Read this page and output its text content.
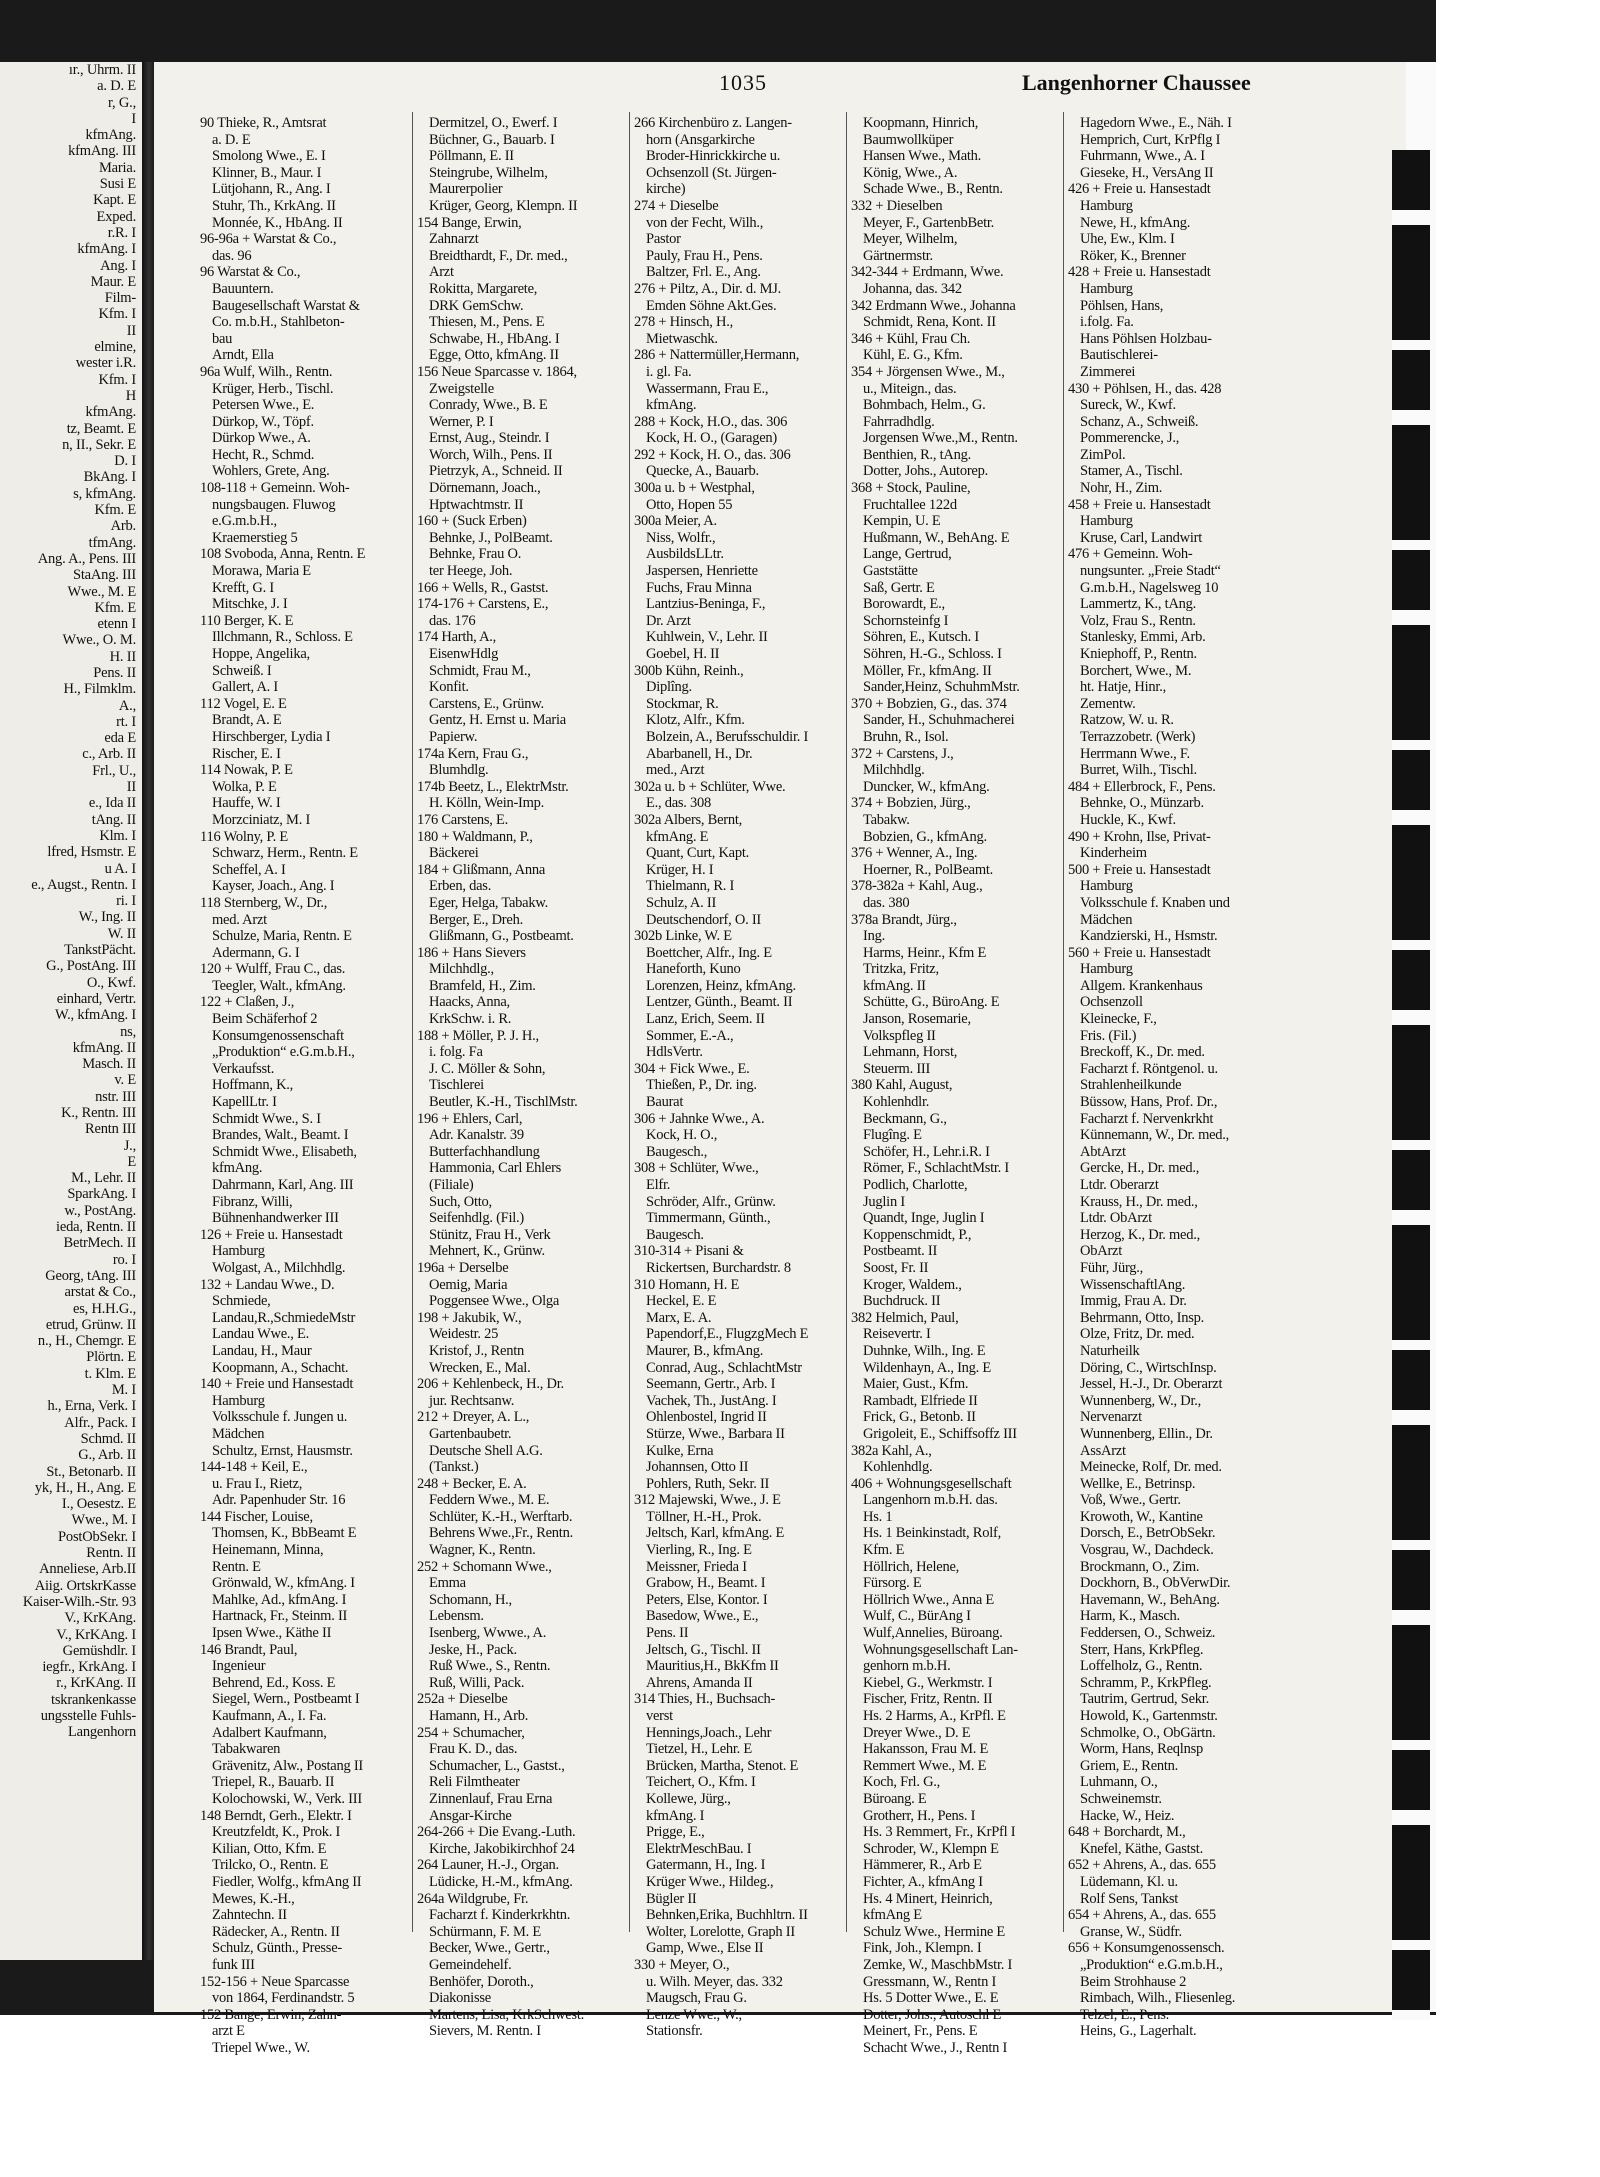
ır., Uhrm. II
a. D. E
r, G.,
I
kfmAng.
kfmAng. III
Maria.
Susi E
Kapt. E
Exped.
r.R. I
kfmAng. I
Ang. I
Maur. E
Film-
Kfm. I
II
elmine,
wester i.R.
Kfm. I
H
kfmAng.
tz, Beamt. E
n, II., Sekr. E
D. I
BkAng. I
s, kfmAng.
Kfm. E
Arb.
tfmAng.
Ang. A., Pens. III
StaAng. III
Wwe., M. E
Kfm. E
etenn I
Wwe., O. M.
H. II
Pens. II
H., Filmklm.
A.,
rt. I
eda E
c., Arb. II
Frl., U.,
II
e., Ida II
tAng. II
Klm. I
lfred, Hsmstr. E
u A. I
e., Augst., Rentn. I
ri. I
W., Ing. II
W. II
TankstPächt.
G., PostAng. III
O., Kwf.
einhard, Vertr.
W., kfmAng. I
ns,
kfmAng. II
Masch. II
v. E
nstr. III
K., Rentn. III
Rentn III
J.,
E
M., Lehr. II
SparkAng. I
w., PostAng.
ieda, Rentn. II
BetrMech. II
ro. I
Georg, tAng. III
arstat & Co.,
es, H.H.G.,
etrud, Grünw. II
n., H., Chemgr. E
Plörtn. E
t. Klm. E
M. I
h., Erna, Verk. I
Alfr., Pack. I
Schmd. II
G., Arb. II
St., Betonarb. II
yk, H., H., Ang. E
I., Oesestz. E
Wwe., M. I
PostObSekr. I
Rentn. II
Anneliese, Arb.II
Aiig. OrtskrKasse
Kaiser-Wilh.-Str. 93
V., KrKAng.
V., KrKAng. I
Gemüshdlr. I
iegfr., KrkAng. I
r., KrKAng. II
tskrankenkasse
ungsstelle Fuhls-
Langenhorn
1035	Langenhorner Chaussee
90 Thieke, R., Amtsrat
a. D. E
Smolong Wwe., E. I
Klinner, B., Maur. I
Lütjohann, R., Ang. I
Stuhr, Th., KrkAng. II
Monnée, K., HbAng. II
96-96a + Warstat & Co.,
das. 96
96 Warstat & Co.,
Bauuntern.
Baugesellschaft Warstat &
Co. m.b.H., Stahlbeton-
bau
Arndt, Ella
96a Wulf, Wilh., Rentn.
Krüger, Herb., Tischl.
Petersen Wwe., E.
Dürkop, W., Töpf.
Dürkop Wwe., A.
Hecht, R., Schmd.
Wohlers, Grete, Ang.
108-118 + Gemeinn. Woh-
nungsbaugen. Fluwog
e.G.m.b.H.,
Kraemerstieg 5
108 Svoboda, Anna, Rentn. E
Morawa, Maria E
Krefft, G. I
Mitschke, J. I
110 Berger, K. E
Illchmann, R., Schloss. E
Hoppe, Angelika,
Schweiß. I
Gallert, A. I
112 Vogel, E. E
Brandt, A. E
Hirschberger, Lydia I
Rischer, E. I
114 Nowak, P. E
Wolka, P. E
Hauffe, W. I
Morzciniatz, M. I
116 Wolny, P. E
Schwarz, Herm., Rentn. E
Scheffel, A. I
Kayser, Joach., Ang. I
118 Sternberg, W., Dr.,
med. Arzt
Schulze, Maria, Rentn. E
Adermann, G. I
120 + Wulff, Frau C., das.
Teegler, Walt., kfmAng.
122 + Claßen, J.,
Beim Schäferhof 2
Konsumgenossenschaft
„Produktion“ e.G.m.b.H.,
Verkaufsst.
Hoffmann, K.,
KapellLtr. I
Schmidt Wwe., S. I
Brandes, Walt., Beamt. I
Schmidt Wwe., Elisabeth,
kfmAng.
Dahrmann, Karl, Ang. III
Fibranz, Willi,
Bühnenhandwerker III
126 + Freie u. Hansestadt
Hamburg
Wolgast, A., Milchhdlg.
132 + Landau Wwe., D.
Schmiede,
Landau,R.,SchmiedeMstr
Landau Wwe., E.
Landau, H., Maur
Koopmann, A., Schacht.
140 + Freie und Hansestadt
Hamburg
Volksschule f. Jungen u.
Mädchen
Schultz, Ernst, Hausmstr.
144-148 + Keil, E.,
u. Frau I., Rietz,
Adr. Papenhuder Str. 16
144 Fischer, Louise,
Thomsen, K., BbBeamt E
Heinemann, Minna,
Rentn. E
Grönwald, W., kfmAng. I
Mahlke, Ad., kfmAng. I
Hartnack, Fr., Steinm. II
Ipsen Wwe., Käthe II
146 Brandt, Paul,
Ingenieur
Behrend, Ed., Koss. E
Siegel, Wern., Postbeamt I
Kaufmann, A., I. Fa.
Adalbert Kaufmann,
Tabakwaren
Grävenitz, Alw., Postang II
Triepel, R., Bauarb. II
Kolochowski, W., Verk. III
148 Berndt, Gerh., Elektr. I
Kreutzfeldt, K., Prok. I
Kilian, Otto, Kfm. E
Trilcko, O., Rentn. E
Fiedler, Wolfg., kfmAng II
Mewes, K.-H.,
Zahntechn. II
Rädecker, A., Rentn. II
Schulz, Günth., Presse-
funk III
152-156 + Neue Sparcasse
von 1864, Ferdinandstr. 5
152 Bange, Erwin, Zahn-
arzt E
Triepel Wwe., W.
Dermitzel, O., Ewerf. I
Büchner, G., Bauarb. I
Pöllmann, E. II
Steingrube, Wilhelm,
Maurerpolier
Krüger, Georg, Klempn. II
154 Bange, Erwin,
Zahnarzt
Breidthardt, F., Dr. med.,
Arzt
Rokitta, Margarete,
DRK GemSchw.
Thiesen, M., Pens. E
Schwabe, H., HbAng. I
Egge, Otto, kfmAng. II
156 Neue Sparcasse v. 1864,
Zweigstelle
Conrady, Wwe., B. E
Werner, P. I
Ernst, Aug., Steindr. I
Worch, Wilh., Pens. II
Pietrzyk, A., Schneid. II
Dörnemann, Joach.,
Hptwachtmstr. II
160 + (Suck Erben)
Behnke, J., PolBeamt.
Behnke, Frau O.
ter Heege, Joh.
166 + Wells, R., Gastst.
174-176 + Carstens, E.,
das. 176
174 Harth, A.,
EisenwHdlg
Schmidt, Frau M.,
Konfit.
Carstens, E., Grünw.
Gentz, H. Ernst u. Maria
Papierw.
174a Kern, Frau G.,
Blumhdlg.
174b Beetz, L., ElektrMstr.
H. Kölln, Wein-Imp.
176 Carstens, E.
180 + Waldmann, P.,
Bäckerei
184 + Glißmann, Anna
Erben, das.
Eger, Helga, Tabakw.
Berger, E., Dreh.
Glißmann, G., Postbeamt.
186 + Hans Sievers
Milchhdlg.,
Bramfeld, H., Zim.
Haacks, Anna,
KrkSchw. i. R.
188 + Möller, P. J. H.,
i. folg. Fa
J. C. Möller & Sohn,
Tischlerei
Beutler, K.-H., TischlMstr.
196 + Ehlers, Carl,
Adr. Kanalstr. 39
Butterfachhandlung
Hammonia, Carl Ehlers
(Filiale)
Such, Otto,
Seifenhdlg. (Fil.)
Stünitz, Frau H., Verk
Mehnert, K., Grünw.
196a + Derselbe
Oemig, Maria
Poggensee Wwe., Olga
198 + Jakubik, W.,
Weidestr. 25
Kristof, J., Rentn
Wrecken, E., Mal.
206 + Kehlenbeck, H., Dr.
jur. Rechtsanw.
212 + Dreyer, A. L.,
Gartenbaubetr.
Deutsche Shell A.G.
(Tankst.)
248 + Becker, E. A.
Feddern Wwe., M. E.
Schlüter, K.-H., Werftarb.
Behrens Wwe.,Fr., Rentn.
Wagner, K., Rentn.
252 + Schomann Wwe.,
Emma
Schomann, H.,
Lebensm.
Isenberg, Wwwe., A.
Jeske, H., Pack.
Ruß Wwe., S., Rentn.
Ruß, Willi, Pack.
252a + Dieselbe
Hamann, H., Arb.
254 + Schumacher,
Frau K. D., das.
Schumacher, L., Gastst.,
Reli Filmtheater
Zinnenlauf, Frau Erna
Ansgar-Kirche
264-266 + Die Evang.-Luth.
Kirche, Jakobikirchhof 24
264 Launer, H.-J., Organ.
Lüdicke, H.-M., kfmAng.
264a Wildgrube, Fr.
Facharzt f. Kinderkrkhtn.
Schürmann, F. M. E
Becker, Wwe., Gertr.,
Gemeindehelf.
Benhöfer, Doroth.,
Diakonisse
Martens, Lisa, KrkSchwest.
Sievers, M. Rentn. I
266 Kirchenbüro z. Langen-
horn (Ansgarkirche
Broder-Hinrickkirche u.
Ochsenzoll (St. Jürgen-
kirche)
274 + Dieselbe
von der Fecht, Wilh.,
Pastor
Pauly, Frau H., Pens.
Baltzer, Frl. E., Ang.
276 + Piltz, A., Dir. d. MJ.
Emden Söhne Akt.Ges.
278 + Hinsch, H.,
Mietwaschk.
286 + Nattermüller,Hermann,
i. gl. Fa.
Wassermann, Frau E.,
kfmAng.
288 + Kock, H.O., das. 306
Kock, H. O., (Garagen)
292 + Kock, H. O., das. 306
Quecke, A., Bauarb.
300a u. b + Westphal,
Otto, Hopen 55
300a Meier, A.
Niss, Wolfr.,
AusbildsLLtr.
Jaspersen, Henriette
Fuchs, Frau Minna
Lantzius-Beninga, F.,
Dr. Arzt
Kuhlwein, V., Lehr. II
Goebel, H. II
300b Kühn, Reinh.,
Diplîng.
Stockmar, R.
Klotz, Alfr., Kfm.
Bolzein, A., Berufsschuldir. I
Abarbanell, H., Dr.
med., Arzt
302a u. b + Schlüter, Wwe.
E., das. 308
302a Albers, Bernt,
kfmAng. E
Quant, Curt, Kapt.
Krüger, H. I
Thielmann, R. I
Schulz, A. II
Deutschendorf, O. II
302b Linke, W. E
Boettcher, Alfr., Ing. E
Haneforth, Kuno
Lorenzen, Heinz, kfmAng.
Lentzer, Günth., Beamt. II
Lanz, Erich, Seem. II
Sommer, E.-A.,
HdlsVertr.
304 + Fick Wwe., E.
Thießen, P., Dr. ing.
Baurat
306 + Jahnke Wwe., A.
Kock, H. O.,
Baugesch.,
308 + Schlüter, Wwe.,
Elfr.
Schröder, Alfr., Grünw.
Timmermann, Günth.,
Baugesch.
310-314 + Pisani &
Rickertsen, Burchardstr. 8
310 Homann, H. E
Heckel, E. E
Marx, E. A.
Papendorf,E., FlugzgMech E
Maurer, B., kfmAng.
Conrad, Aug., SchlachtMstr
Seemann, Gertr., Arb. I
Vachek, Th., JustAng. I
Ohlenbostel, Ingrid II
Stürze, Wwe., Barbara II
Kulke, Erna
Johannsen, Otto II
Pohlers, Ruth, Sekr. II
312 Majewski, Wwe., J. E
Töllner, H.-H., Prok.
Jeltsch, Karl, kfmAng. E
Vierling, R., Ing. E
Meissner, Frieda I
Grabow, H., Beamt. I
Peters, Else, Kontor. I
Basedow, Wwe., E.,
Pens. II
Jeltsch, G., Tischl. II
Mauritius,H., BkKfm II
Ahrens, Amanda II
314 Thies, H., Buchsach-
verst
Hennings,Joach., Lehr
Tietzel, H., Lehr. E
Brücken, Martha, Stenot. E
Teichert, O., Kfm. I
Kollewe, Jürg.,
kfmAng. I
Prigge, E.,
ElektrMeschBau. I
Gatermann, H., Ing. I
Krüger Wwe., Hildeg.,
Bügler II
Behnken,Erika, Buchhltrn. II
Wolter, Lorelotte, Graph II
Gamp, Wwe., Else II
330 + Meyer, O.,
u. Wilh. Meyer, das. 332
Maugsch, Frau G.
Lenze Wwe., W.,
Stationsfr.
Koopmann, Hinrich,
Baumwollküper
Hansen Wwe., Math.
König, Wwe., A.
Schade Wwe., B., Rentn.
332 + Dieselben
Meyer, F., GartenbBetr.
Meyer, Wilhelm,
Gärtnermstr.
342-344 + Erdmann, Wwe.
Johanna, das. 342
342 Erdmann Wwe., Johanna
Schmidt, Rena, Kont. II
346 + Kühl, Frau Ch.
Kühl, E. G., Kfm.
354 + Jörgensen Wwe., M.,
u., Miteign., das.
Bohmbach, Helm., G.
Fahrradhdlg.
Jorgensen Wwe.,M., Rentn.
Benthien, R., tAng.
Dotter, Johs., Autorep.
368 + Stock, Pauline,
Fruchtallee 122d
Kempin, U. E
Hußmann, W., BehAng. E
Lange, Gertrud,
Gaststätte
Saß, Gertr. E
Borowardt, E.,
Schornsteinfg I
Söhren, E., Kutsch. I
Söhren, H.-G., Schloss. I
Möller, Fr., kfmAng. II
Sander,Heinz, SchuhmMstr.
370 + Bobzien, G., das. 374
Sander, H., Schuhmacherei
Bruhn, R., Isol.
372 + Carstens, J.,
Milchhdlg.
Duncker, W., kfmAng.
374 + Bobzien, Jürg.,
Tabakw.
Bobzien, G., kfmAng.
376 + Wenner, A., Ing.
Hoerner, R., PolBeamt.
378-382a + Kahl, Aug.,
das. 380
378a Brandt, Jürg.,
Ing.
Harms, Heinr., Kfm E
Tritzka, Fritz,
kfmAng. II
Schütte, G., BüroAng. E
Janson, Rosemarie,
Volkspfleg II
Lehmann, Horst,
Steuerm. III
380 Kahl, August,
Kohlenhdlr.
Beckmann, G.,
Flugîng. E
Schöfer, H., Lehr.i.R. I
Römer, F., SchlachtMstr. I
Podlich, Charlotte,
Juglin I
Quandt, Inge, Juglin I
Koppenschmidt, P.,
Postbeamt. II
Soost, Fr. II
Kroger, Waldem.,
Buchdruck. II
382 Helmich, Paul,
Reisevertr. I
Duhnke, Wilh., Ing. E
Wildenhayn, A., Ing. E
Maier, Gust., Kfm.
Rambadt, Elfriede II
Frick, G., Betonb. II
Grigoleit, E., Schiffsoffz III
382a Kahl, A.,
Kohlenhdlg.
406 + Wohnungsgesellschaft
Langenhorn m.b.H. das.
Hs. 1
Hs. 1 Beinkinstadt, Rolf,
Kfm. E
Höllrich, Helene,
Fürsorg. E
Höllrich Wwe., Anna E
Wulf, C., BürAng I
Wulf,Annelies, Büroang.
Wohnungsgesellschaft Lan-
genhorn m.b.H.
Kiebel, G., Werkmstr. I
Fischer, Fritz, Rentn. II
Hs. 2 Harms, A., KrPfl. E
Dreyer Wwe., D. E
Hakansson, Frau M. E
Remmert Wwe., M. E
Koch, Frl. G.,
Büroang. E
Grotherr, H., Pens. I
Hs. 3 Remmert, Fr., KrPfl I
Schroder, W., Klempn E
Hämmerer, R., Arb E
Fichter, A., kfmAng I
Hs. 4 Minert, Heinrich,
kfmAng E
Schulz Wwe., Hermine E
Fink, Joh., Klempn. I
Zemke, W., MaschbMstr. I
Gressmann, W., Rentn I
Hs. 5 Dotter Wwe., E. E
Dotter, Johs., Autoschl E
Meinert, Fr., Pens. E
Schacht Wwe., J., Rentn I
Hagedorn Wwe., E., Näh. I
Hemprich, Curt, KrPflg I
Fuhrmann, Wwe., A. I
Gieseke, H., VersAng II
426 + Freie u. Hansestadt
Hamburg
Newe, H., kfmAng.
Uhe, Ew., Klm. I
Röker, K., Brenner
428 + Freie u. Hansestadt
Hamburg
Pöhlsen, Hans,
i.folg. Fa.
Hans Pöhlsen Holzbau-
Bautischlerei-
Zimmerei
430 + Pöhlsen, H., das. 428
Sureck, W., Kwf.
Schanz, A., Schweiß.
Pommerencke, J.,
ZimPol.
Stamer, A., Tischl.
Nohr, H., Zim.
458 + Freie u. Hansestadt
Hamburg
Kruse, Carl, Landwirt
476 + Gemeinn. Woh-
nungsunter. „Freie Stadt“
G.m.b.H., Nagelsweg 10
Lammertz, K., tAng.
Volz, Frau S., Rentn.
Stanlesky, Emmi, Arb.
Kniephoff, P., Rentn.
Borchert, Wwe., M.
ht. Hatje, Hinr.,
Zementw.
Ratzow, W. u. R.
Terrazzobetr. (Werk)
Herrmann Wwe., F.
Burret, Wilh., Tischl.
484 + Ellerbrock, F., Pens.
Behnke, O., Münzarb.
Huckle, K., Kwf.
490 + Krohn, Ilse, Privat-
Kinderheim
500 + Freie u. Hansestadt
Hamburg
Volksschule f. Knaben und
Mädchen
Kandzierski, H., Hsmstr.
560 + Freie u. Hansestadt
Hamburg
Allgem. Krankenhaus
Ochsenzoll
Kleinecke, F.,
Fris. (Fil.)
Breckoff, K., Dr. med.
Facharzt f. Röntgenol. u.
Strahlenheilkunde
Büssow, Hans, Prof. Dr.,
Facharzt f. Nervenkrkht
Künnemann, W., Dr. med.,
AbtArzt
Gercke, H., Dr. med.,
Ltdr. Oberarzt
Krauss, H., Dr. med.,
Ltdr. ObArzt
Herzog, K., Dr. med.,
ObArzt
Führ, Jürg.,
WissenschaftlAng.
Immig, Frau A. Dr.
Behrmann, Otto, Insp.
Olze, Fritz, Dr. med.
Naturheilk
Döring, C., WirtschInsp.
Jessel, H.-J., Dr. Oberarzt
Wunnenberg, W., Dr.,
Nervenarzt
Wunnenberg, Ellin., Dr.
AssArzt
Meinecke, Rolf, Dr. med.
Wellke, E., Betrinsp.
Voß, Wwe., Gertr.
Krowoth, W., Kantine
Dorsch, E., BetrObSekr.
Vosgrau, W., Dachdeck.
Brockmann, O., Zim.
Dockhorn, B., ObVerwDir.
Havemann, W., BehAng.
Harm, K., Masch.
Feddersen, O., Schweiz.
Sterr, Hans, KrkPfleg.
Loffelholz, G., Rentn.
Schramm, P., KrkPfleg.
Tautrim, Gertrud, Sekr.
Howold, K., Gartenmstr.
Schmolke, O., ObGärtn.
Worm, Hans, Reqlnsp
Griem, E., Rentn.
Luhmann, O.,
Schweinemstr.
Hacke, W., Heiz.
648 + Borchardt, M.,
Knefel, Käthe, Gastst.
652 + Ahrens, A., das. 655
Lüdemann, Kl. u.
Rolf Sens, Tankst
654 + Ahrens, A., das. 655
Granse, W., Südfr.
656 + Konsumgenossensch.
„Produktion“ e.G.m.b.H.,
Beim Strohhause 2
Rimbach, Wilh., Fliesenleg.
Telzel, E., Pens.
Heins, G., Lagerhalt.
